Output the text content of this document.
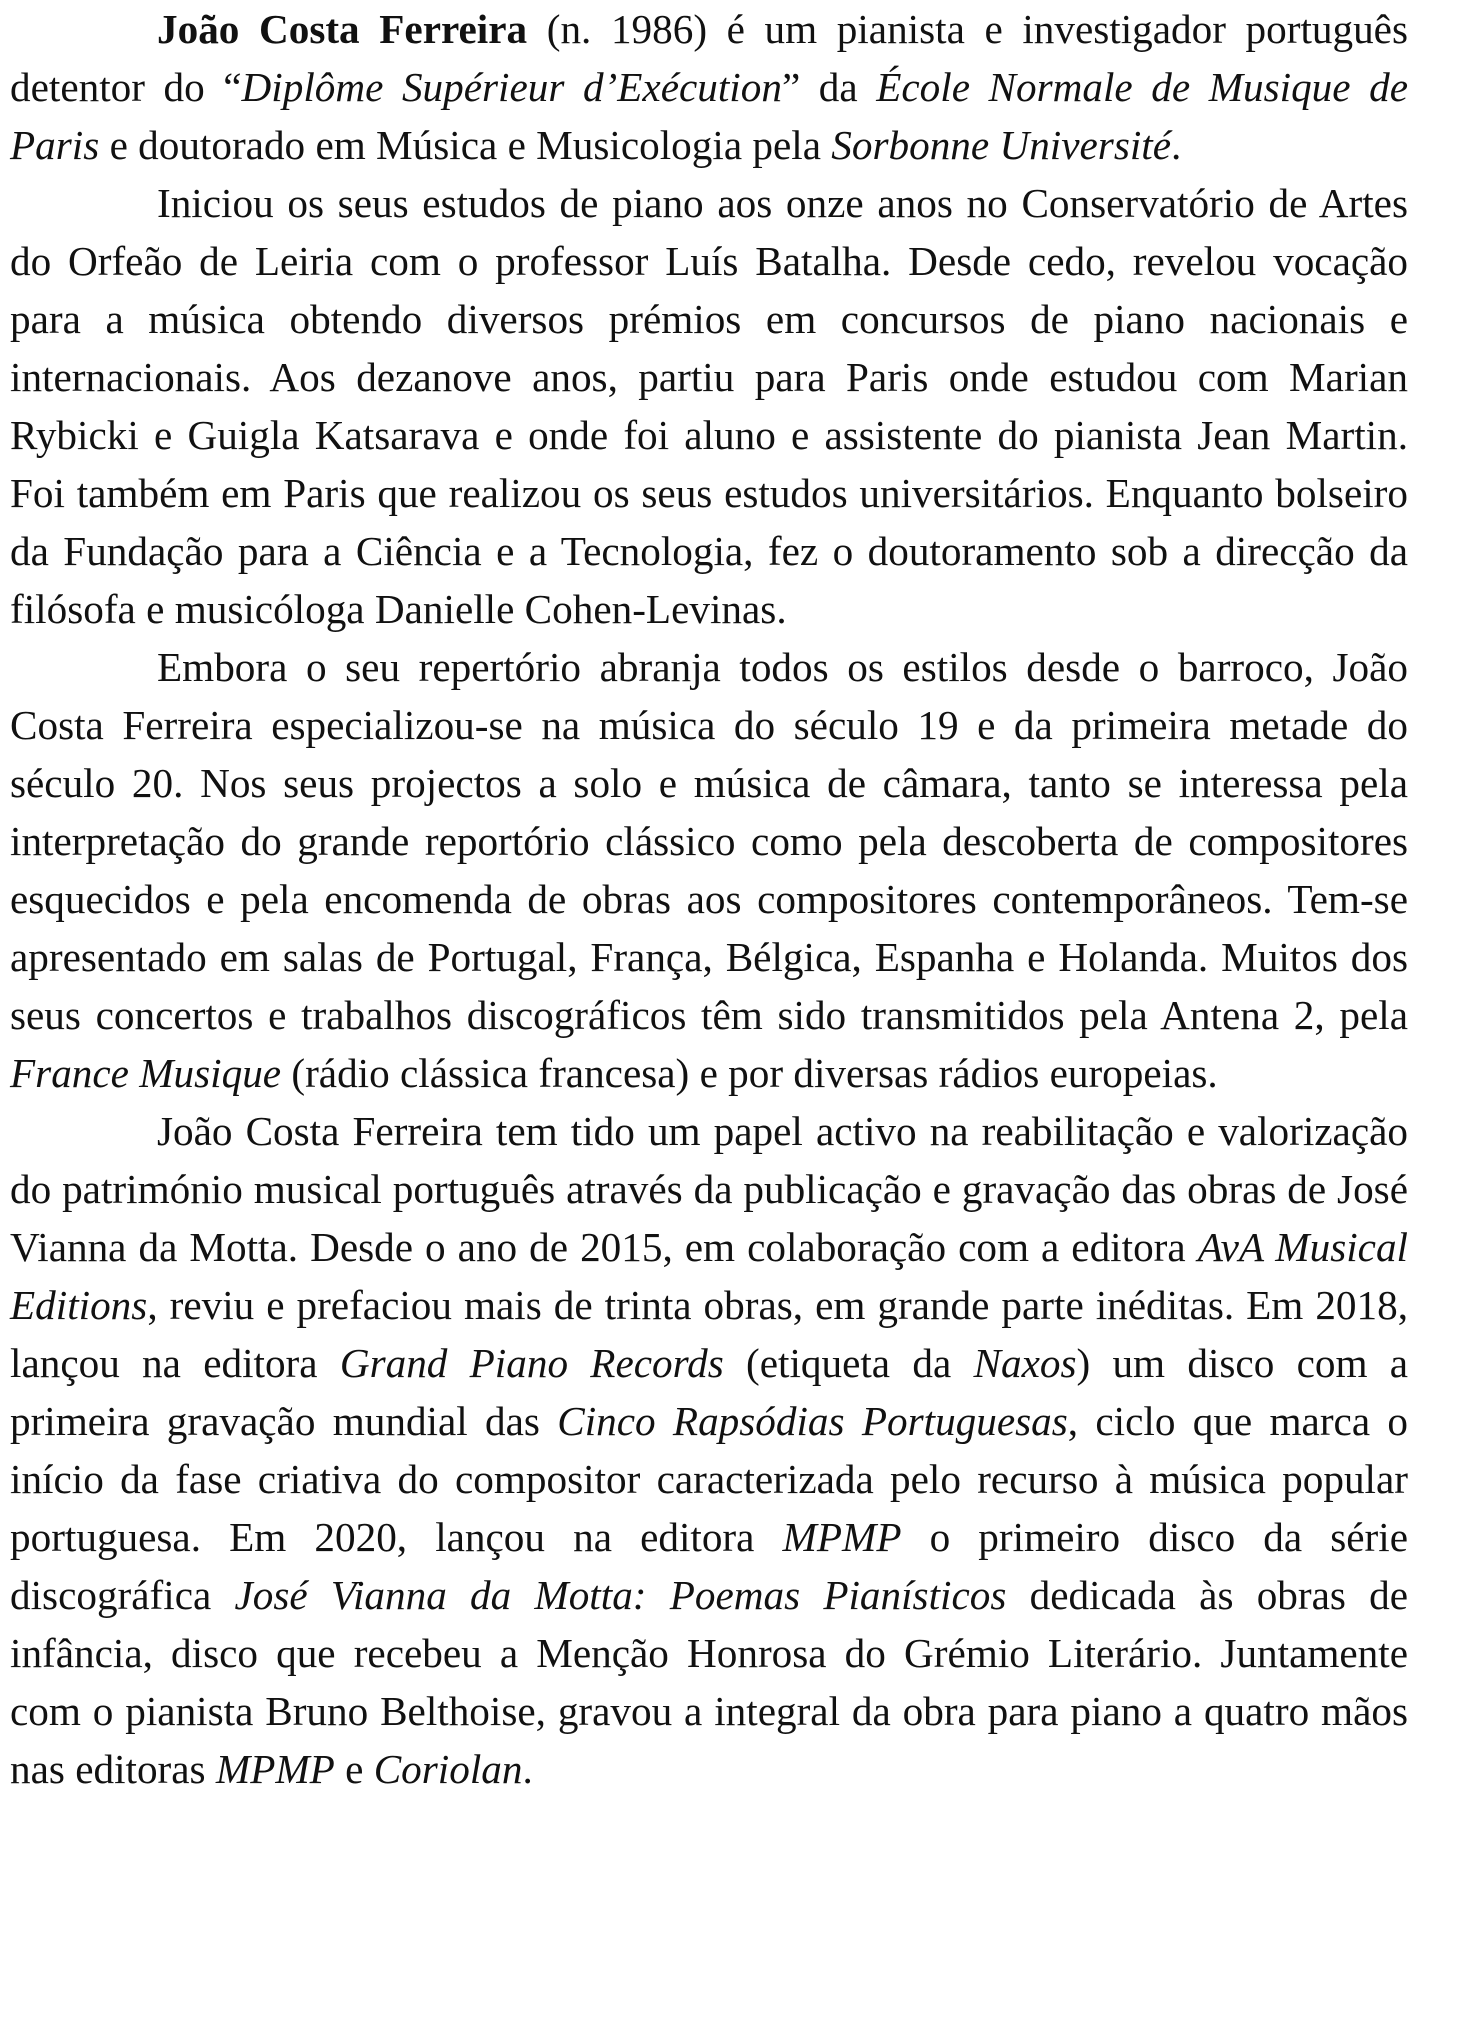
João Costa Ferreira (n. 1986) é um pianista e investigador português detentor do “Diplôme Supérieur d’Exécution” da École Normale de Musique de Paris e doutorado em Música e Musicologia pela Sorbonne Université.

Iniciou os seus estudos de piano aos onze anos no Conservatório de Artes do Orfeão de Leiria com o professor Luís Batalha. Desde cedo, revelou vocação para a música obtendo diversos prémios em concursos de piano nacionais e internacionais. Aos dezanove anos, partiu para Paris onde estudou com Marian Rybicki e Guigla Katsarava e onde foi aluno e assistente do pianista Jean Martin. Foi também em Paris que realizou os seus estudos universitários. Enquanto bolseiro da Fundação para a Ciência e a Tecnologia, fez o doutoramento sob a direcção da filósofa e musicóloga Danielle Cohen-Levinas.

Embora o seu repertório abranja todos os estilos desde o barroco, João Costa Ferreira especializou-se na música do século 19 e da primeira metade do século 20. Nos seus projectos a solo e música de câmara, tanto se interessa pela interpretação do grande reportório clássico como pela descoberta de compositores esquecidos e pela encomenda de obras aos compositores contemporâneos. Tem-se apresentado em salas de Portugal, França, Bélgica, Espanha e Holanda. Muitos dos seus concertos e trabalhos discográficos têm sido transmitidos pela Antena 2, pela France Musique (rádio clássica francesa) e por diversas rádios europeias.

João Costa Ferreira tem tido um papel activo na reabilitação e valorização do património musical português através da publicação e gravação das obras de José Vianna da Motta. Desde o ano de 2015, em colaboração com a editora AvA Musical Editions, reviu e prefaciou mais de trinta obras, em grande parte inéditas. Em 2018, lançou na editora Grand Piano Records (etiqueta da Naxos) um disco com a primeira gravação mundial das Cinco Rapsódias Portuguesas, ciclo que marca o início da fase criativa do compositor caracterizada pelo recurso à música popular portuguesa. Em 2020, lançou na editora MPMP o primeiro disco da série discográfica José Vianna da Motta: Poemas Pianísticos dedicada às obras de infância, disco que recebeu a Menção Honrosa do Grémio Literário. Juntamente com o pianista Bruno Belthoise, gravou a integral da obra para piano a quatro mãos nas editoras MPMP e Coriolan.
